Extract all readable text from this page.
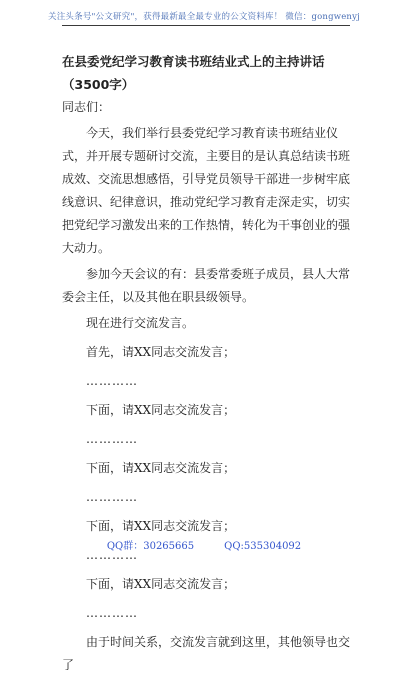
关注头条号"公文研究"，获得最新最全最专业的公文资料库！ 微信：gongwenyj

在县委党纪学习教育读书班结业式上的主持讲话（3500字）

同志们：

今天，我们举行县委党纪学习教育读书班结业仪式，并开展专题研讨交流，主要目的是认真总结读书班成效、交流思想感悟，引导党员领导干部进一步树牢底线意识、纪律意识，推动党纪学习教育走深走实，切实把党纪学习激发出来的工作热情，转化为干事创业的强大动力。

参加今天会议的有：县委常委班子成员，县人大常委会主任，以及其他在职县级领导。

现在进行交流发言。

首先，请XX同志交流发言；

…………

下面，请XX同志交流发言；

…………

下面，请XX同志交流发言；

…………

下面，请XX同志交流发言；

…………

下面，请XX同志交流发言；

…………

由于时间关系，交流发言就到这里，其他领导也交了

QQ群：30265665	QQ:535304092
